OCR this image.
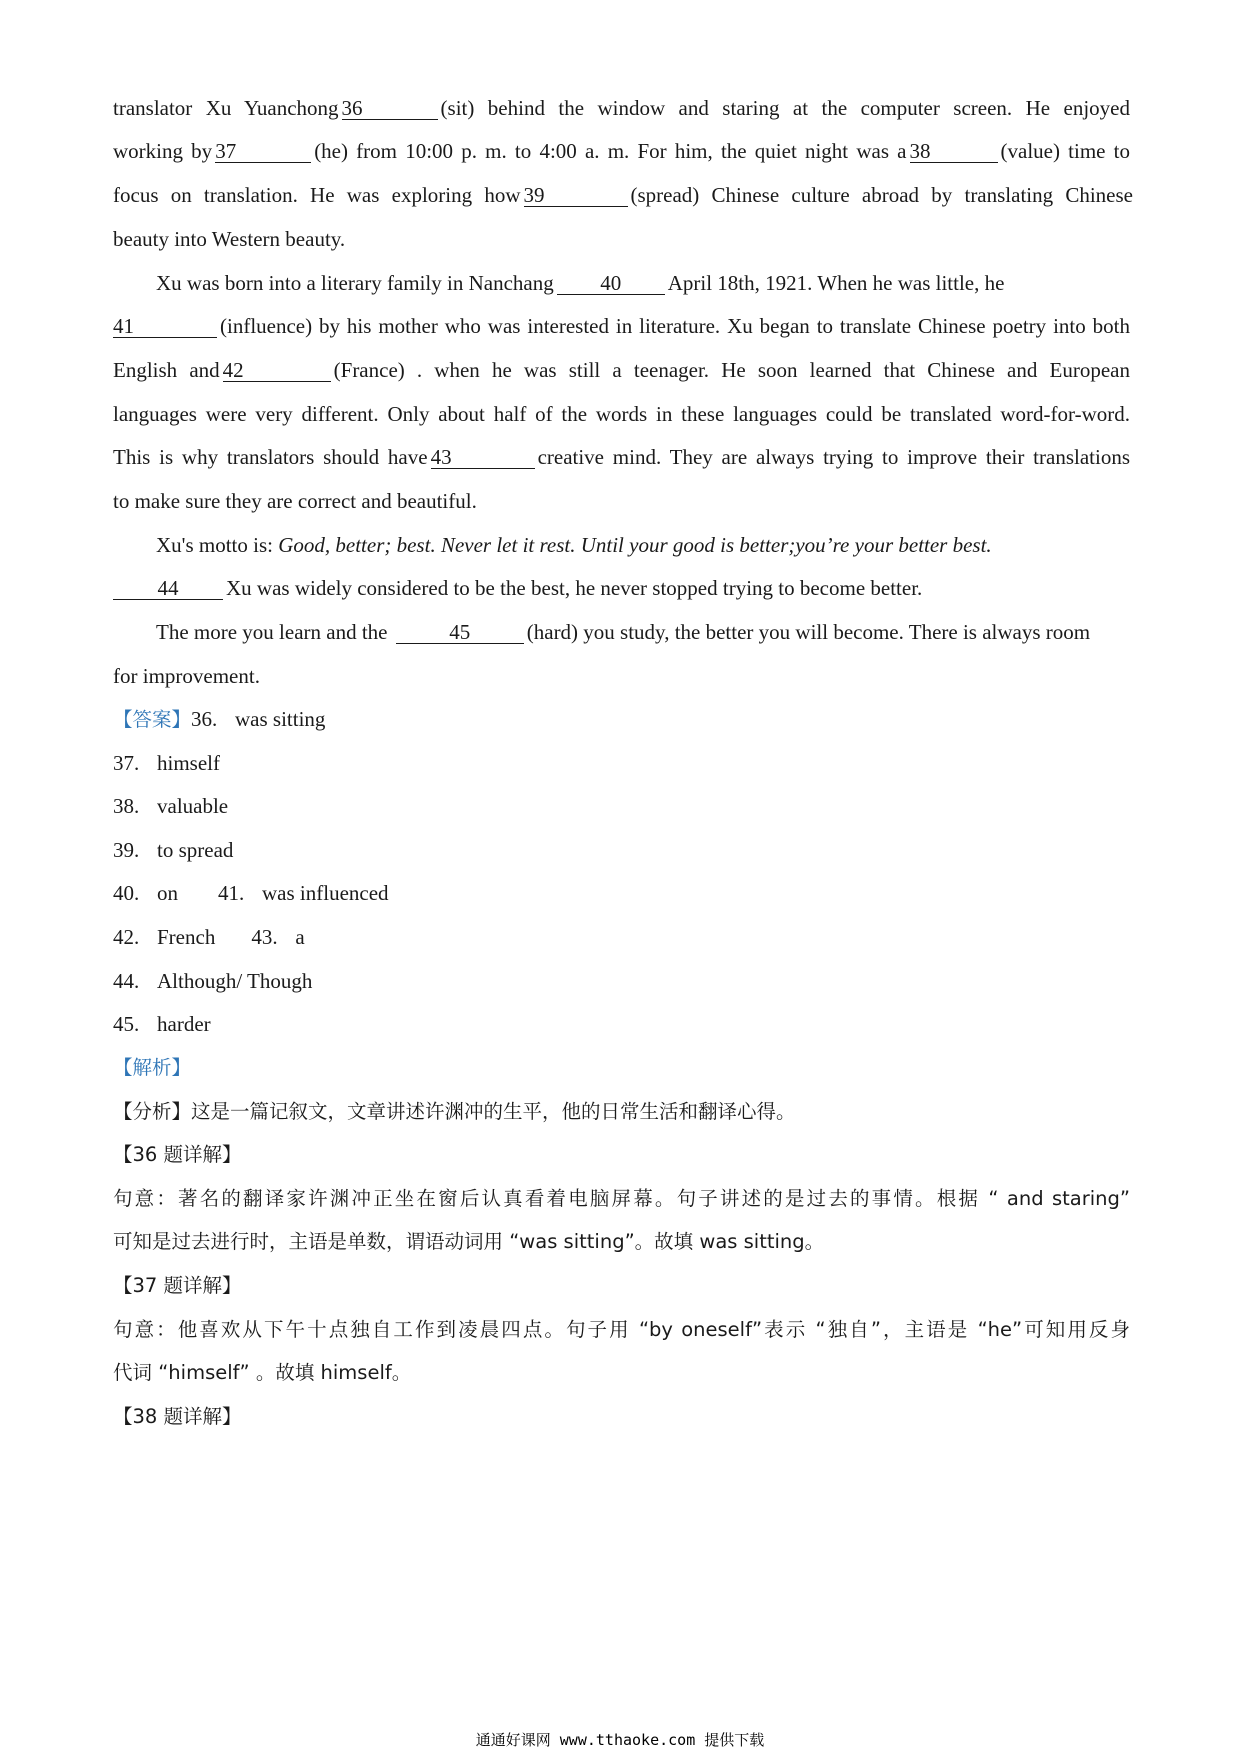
translator Xu Yuanchong 36	(sit) behind the window and staring at the computer screen. He enjoyed
working by 37	(he) from 10:00 p. m. to 4:00 a. m. For him, the quiet night was a 38	(value) time to
focus on translation. He was exploring how 39	(spread) Chinese culture abroad by translating Chinese
beauty into Western beauty.
Xu was born into a literary family in Nanchang 40 April 18th, 1921. When he was little, he
41	(influence) by his mother who was interested in literature. Xu began to translate Chinese poetry into both
English and 42	(France) . when he was still a teenager. He soon learned that Chinese and European
languages were very different. Only about half of the words in these languages could be translated word-for-word.
This is why translators should have 43	creative mind. They are always trying to improve their translations
to make sure they are correct and beautiful.
Xu's motto is: Good, better; best. Never let it rest. Until your good is better;you’re your better best.
44 Xu was widely considered to be the best, he never stopped trying to become better.
The more you learn and the	45	(hard) you study, the better you will become. There is always room
for improvement.
【答案】36. was sitting
37. himself
38. valuable
39. to spread
40. on 41. was influenced
42. French 43. a
44. Although/ Though
45. harder
【解析】
【分析】这是一篇记叙文，文章讲述许渊冲的生平，他的日常生活和翻译心得。
【36 题详解】
句意：著名的翻译家许渊冲正坐在窗后认真看着电脑屏幕。句子讲述的是过去的事情。根据 “ and staring”
可知是过去进行时，主语是单数，谓语动词用 “was sitting”。故填 was sitting。
【37 题详解】
句意：他喜欢从下午十点独自工作到凌晨四点。句子用 “by oneself”表示 “独自”，主语是 “he”可知用反身
代词 “himself” 。故填 himself。
【38 题详解】
通通好课网 www.tthaoke.com 提供下载
